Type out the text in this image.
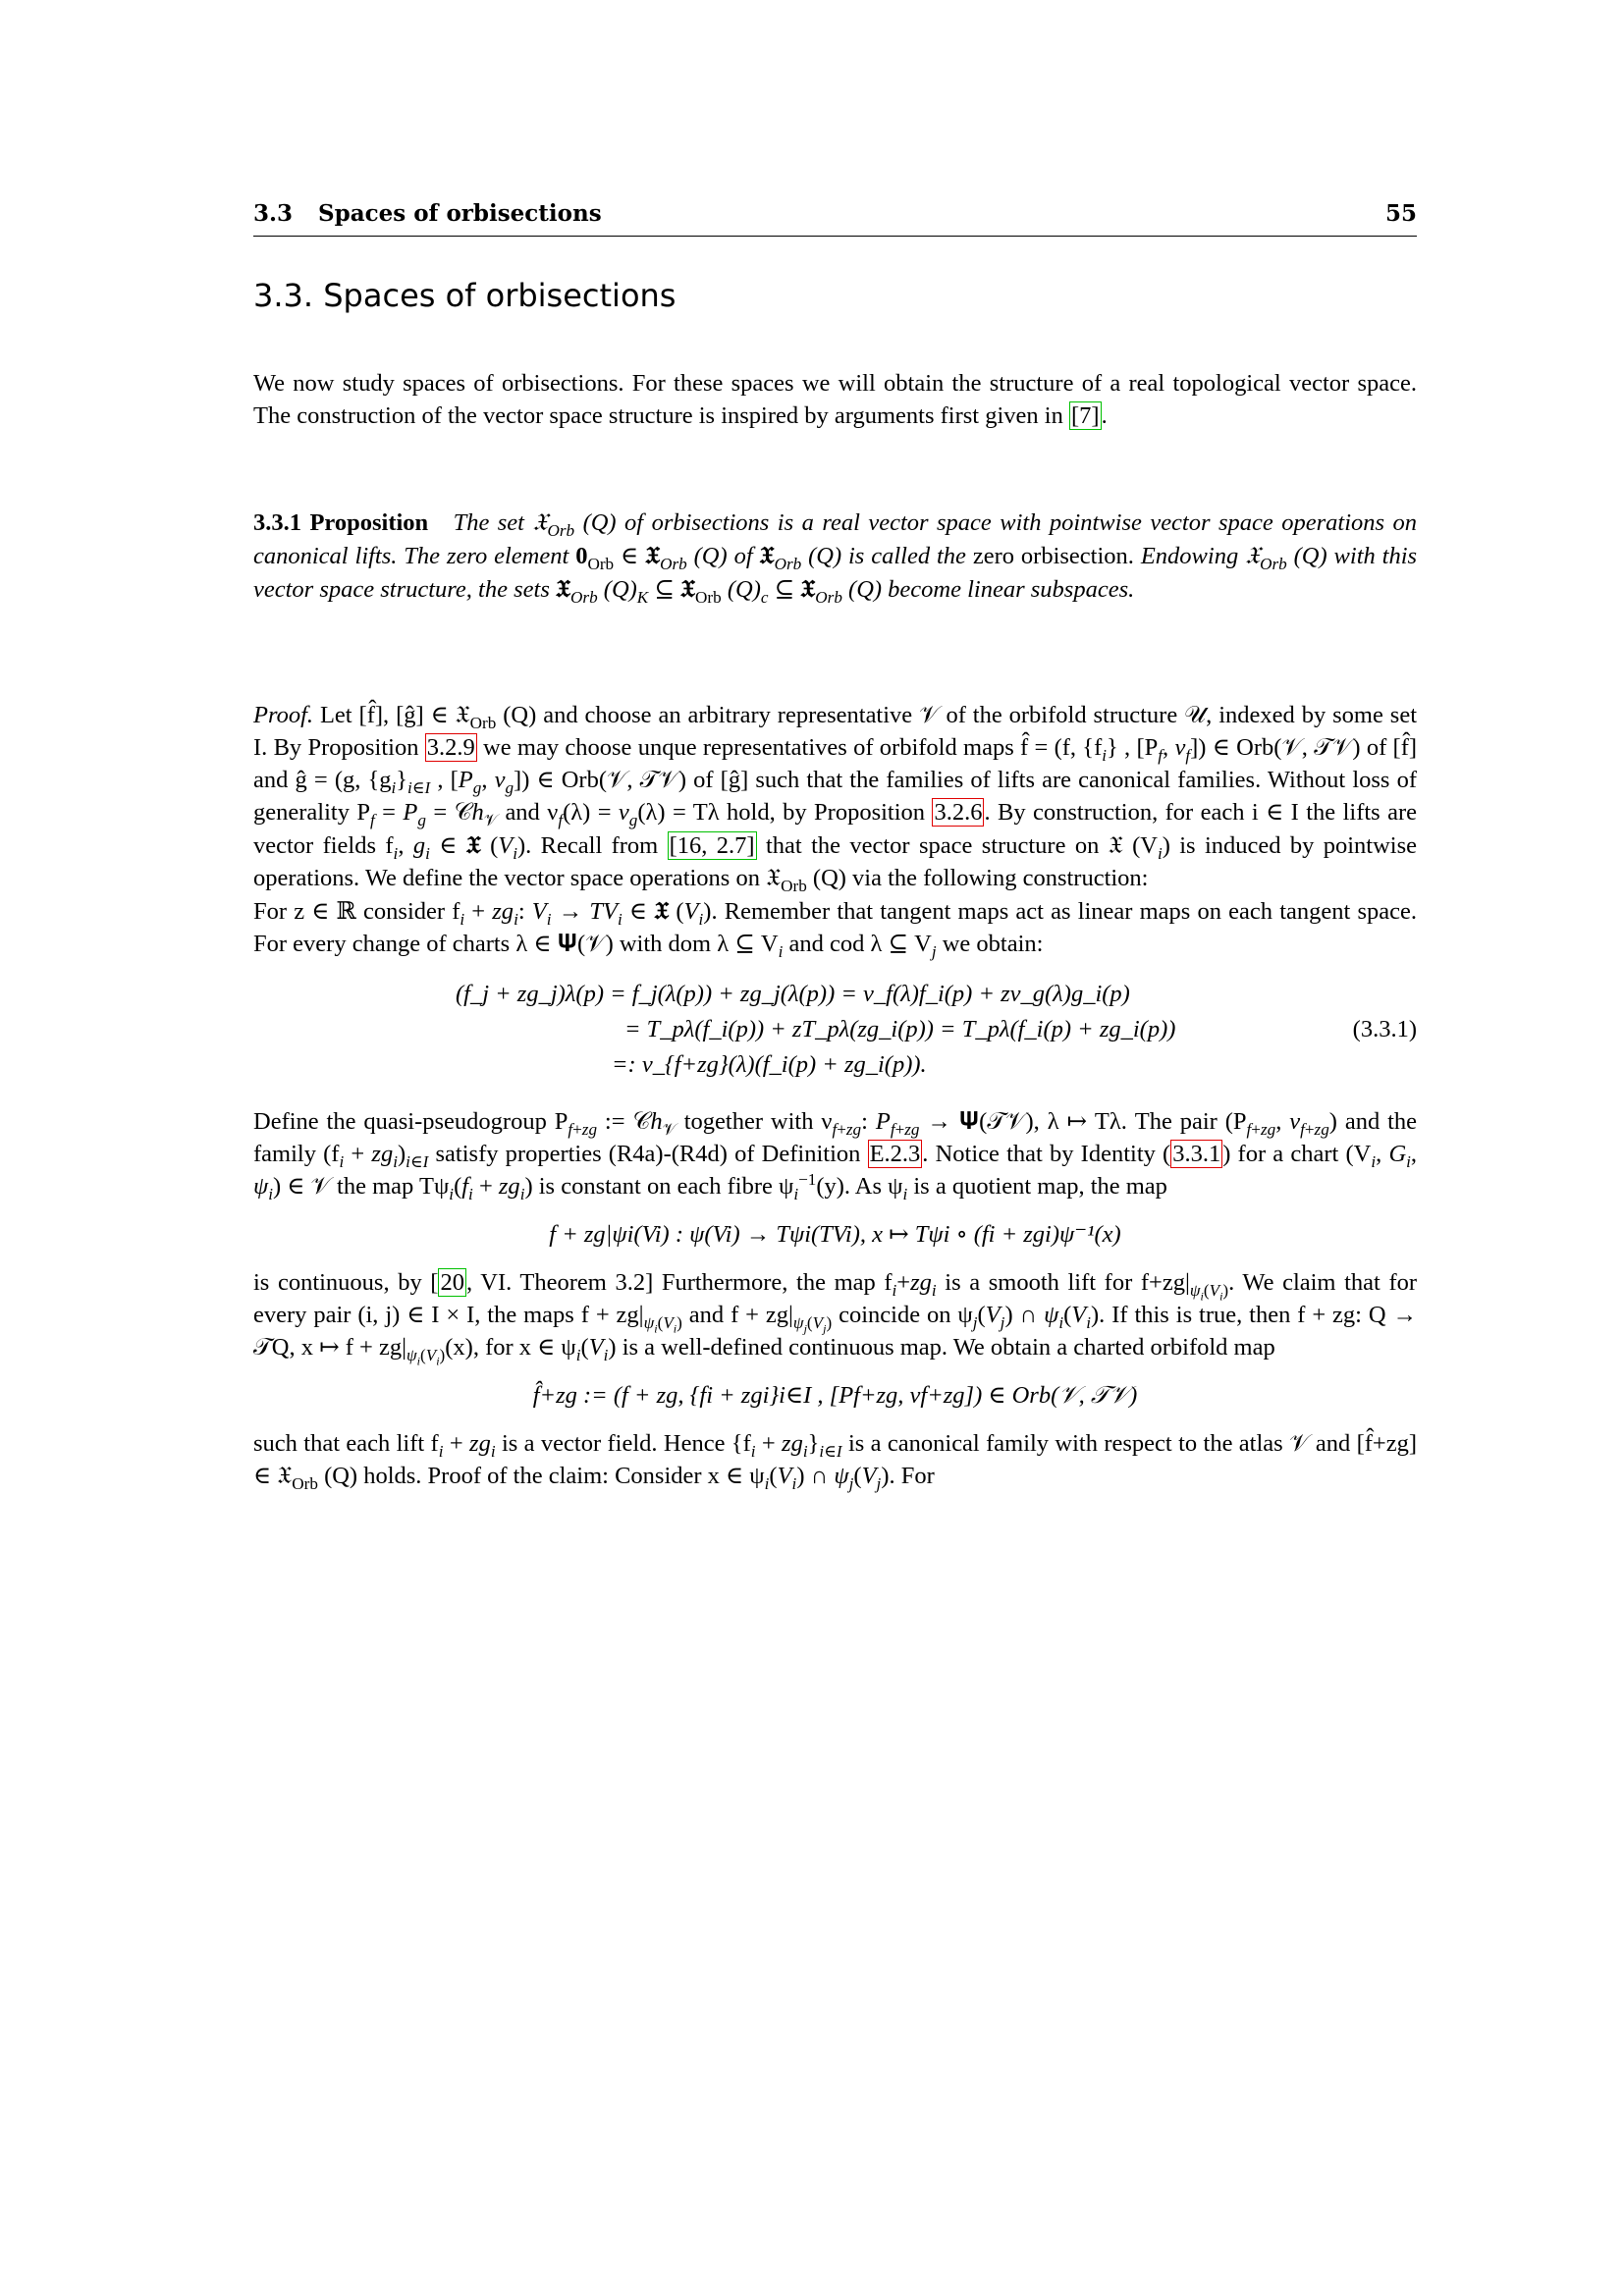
3.3 Spaces of orbisections	55
3.3. Spaces of orbisections
We now study spaces of orbisections. For these spaces we will obtain the structure of a real topological vector space. The construction of the vector space structure is inspired by arguments first given in [7].
3.3.1 Proposition The set 𝔛$_{Orb}$ (Q) of orbisections is a real vector space with pointwise vector space operations on canonical lifts. The zero element $0_{Orb}$ ∈ 𝔛$_{Orb}$ (Q) of 𝔛$_{Orb}$ (Q) is called the zero orbisection. Endowing 𝔛$_{Orb}$ (Q) with this vector space structure, the sets 𝔛$_{Orb}$ $(Q)_K$ ⊆ 𝔛$_{Orb}$ $(Q)_c$ ⊆ 𝔛$_{Orb}$ (Q) become linear subspaces.

Proof. Let [f̂], [ĝ] ∈ 𝔛$_{Orb}$ (Q) and choose an arbitrary representative 𝒱 of the orbifold structure 𝒰, indexed by some set I. By Proposition 3.2.9 we may choose unque representatives of orbifold maps f̂ = (f, $\{f_i\}$ , [$P_f$, $\nu_f$]) ∈ Orb(𝒱, 𝒯𝒱) of [f̂] and ĝ = (g, $\{g_i\}_{i\in I}$ , [$P_g$, $\nu_g$]) ∈ Orb(𝒱, 𝒯𝒱) of [ĝ] such that the families of lifts are canonical families. Without loss of generality $P_f = P_g$ = 𝒞h$_𝒱$ and $\nu_f(\lambda) = \nu_g(\lambda) = T\lambda$ hold, by Proposition 3.2.6. By construction, for each i ∈ I the lifts are vector fields $f_i$, $g_i$ ∈ 𝔛 $(V_i)$. Recall from [16, 2.7] that the vector space structure on 𝔛 $(V_i)$ is induced by pointwise operations. We define the vector space operations on 𝔛$_{Orb}$ (Q) via the following construction:

For z ∈ ℝ consider $f_i + zg_i$: $V_i \to TV_i$ ∈ 𝔛 $(V_i)$. Remember that tangent maps act as linear maps on each tangent space. For every change of charts λ ∈ 𝚿(𝒱) with dom λ ⊆ $V_i$ and cod λ ⊆ $V_j$ we obtain:

(f_j + zg_j)λ(p) = f_j(λ(p)) + zg_j(λ(p)) = ν_f(λ)f_i(p) + zν_g(λ)g_i(p)
= T_pλ(f_i(p)) + zT_pλ(zg_i(p)) = T_pλ(f_i(p) + zg_i(p))
=: ν_{f+zg}(λ)(f_i(p) + zg_i(p)).
(3.3.1)

Define the quasi-pseudogroup $P_{f+zg}$ := 𝒞h$_𝒱$ together with $\nu_{f+zg}$: $P_{f+zg}$ → 𝚿(𝒯𝒱), λ ↦ Tλ. The pair ($P_{f+zg}$, $\nu_{f+zg}$) and the family $(f_i + zg_i)_{i\in I}$ satisfy properties (R4a)-(R4d) of Definition E.2.3. Notice that by Identity (3.3.1) for a chart ($V_i$, $G_i$, $\psi_i$) ∈ 𝒱 the map $T\psi_i(f_i + zg_i)$ is constant on each fibre $\psi_i^{-1}(y)$. As $\psi_i$ is a quotient map, the map

f + zg|ψi(Vi) : ψ(Vi) → Tψi(TVi), x ↦ Tψi ∘ (fi + zgi)ψ⁻¹(x)

is continuous, by [20, VI. Theorem 3.2] Furthermore, the map $f_i+zg_i$ is a smooth lift for $f+zg|_{\psi_i(V_i)}$. We claim that for every pair (i, j) ∈ I × I, the maps $f + zg|_{\psi_i(V_i)}$ and $f + zg|_{\psi_j(V_j)}$ coincide on $\psi_j(V_j)$ ∩ $\psi_i(V_i)$. If this is true, then f + zg: Q → 𝒯Q, x ↦ $f + zg|_{\psi_i(V_i)}(x)$, for x ∈ $\psi_i(V_i)$ is a well-defined continuous map. We obtain a charted orbifold map

f̂+zg := (f + zg, {fi + zgi}i∈I , [Pf+zg, νf+zg]) ∈ Orb(𝒱, 𝒯𝒱)

such that each lift $f_i + zg_i$ is a vector field. Hence $\{f_i + zg_i\}_{i\in I}$ is a canonical family with respect to the atlas 𝒱 and [f̂+zg] ∈ 𝔛$_{Orb}$ (Q) holds. Proof of the claim: Consider x ∈ $\psi_i(V_i)$ ∩ $\psi_j(V_j)$. For
